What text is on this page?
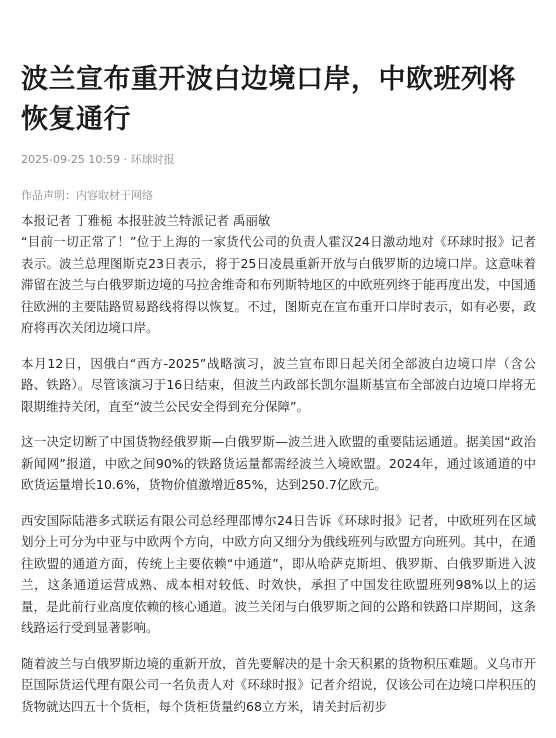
波兰宣布重开波白边境口岸，中欧班列将恢复通行
2025-09-25 10:59 · 环球时报
作品声明：内容取材于网络
本报记者 丁雅栀 本报驻波兰特派记者 禹丽敏

“目前一切正常了！”位于上海的一家货代公司的负责人霍汉24日激动地对《环球时报》记者表示。波兰总理图斯克23日表示，将于25日凌晨重新开放与白俄罗斯的边境口岸。这意味着滞留在波兰与白俄罗斯边境的马拉舍维奇和布列斯特地区的中欧班列终于能再度出发，中国通往欧洲的主要陆路贸易路线将得以恢复。不过，图斯克在宣布重开口岸时表示，如有必要，政府将再次关闭边境口岸。

本月12日，因俄白“西方-2025”战略演习，波兰宣布即日起关闭全部波白边境口岸（含公路、铁路）。尽管该演习于16日结束，但波兰内政部长凯尔温斯基宣布全部波白边境口岸将无限期维持关闭，直至“波兰公民安全得到充分保障”。

这一决定切断了中国货物经俄罗斯—白俄罗斯—波兰进入欧盟的重要陆运通道。据美国“政治新闻网”报道，中欧之间90%的铁路货运量都需经波兰入境欧盟。2024年，通过该通道的中欧货运量增长10.6%，货物价值激增近85%，达到250.7亿欧元。

西安国际陆港多式联运有限公司总经理邵博尔24日告诉《环球时报》记者，中欧班列在区域划分上可分为中亚与中欧两个方向，中欧方向又细分为俄线班列与欧盟方向班列。其中，在通往欧盟的通道方面，传统上主要依赖“中通道”，即从哈萨克斯坦、俄罗斯、白俄罗斯进入波兰，这条通道运营成熟、成本相对较低、时效快，承担了中国发往欧盟班列98%以上的运量，是此前行业高度依赖的核心通道。波兰关闭与白俄罗斯之间的公路和铁路口岸期间，这条线路运行受到显著影响。

随着波兰与白俄罗斯边境的重新开放，首先要解决的是十余天积累的货物积压难题。义乌市开臣国际货运代理有限公司一名负责人对《环球时报》记者介绍说，仅该公司在边境口岸积压的货物就达四五十个货柜，每个货柜货量约68立方米，请关封后初步
